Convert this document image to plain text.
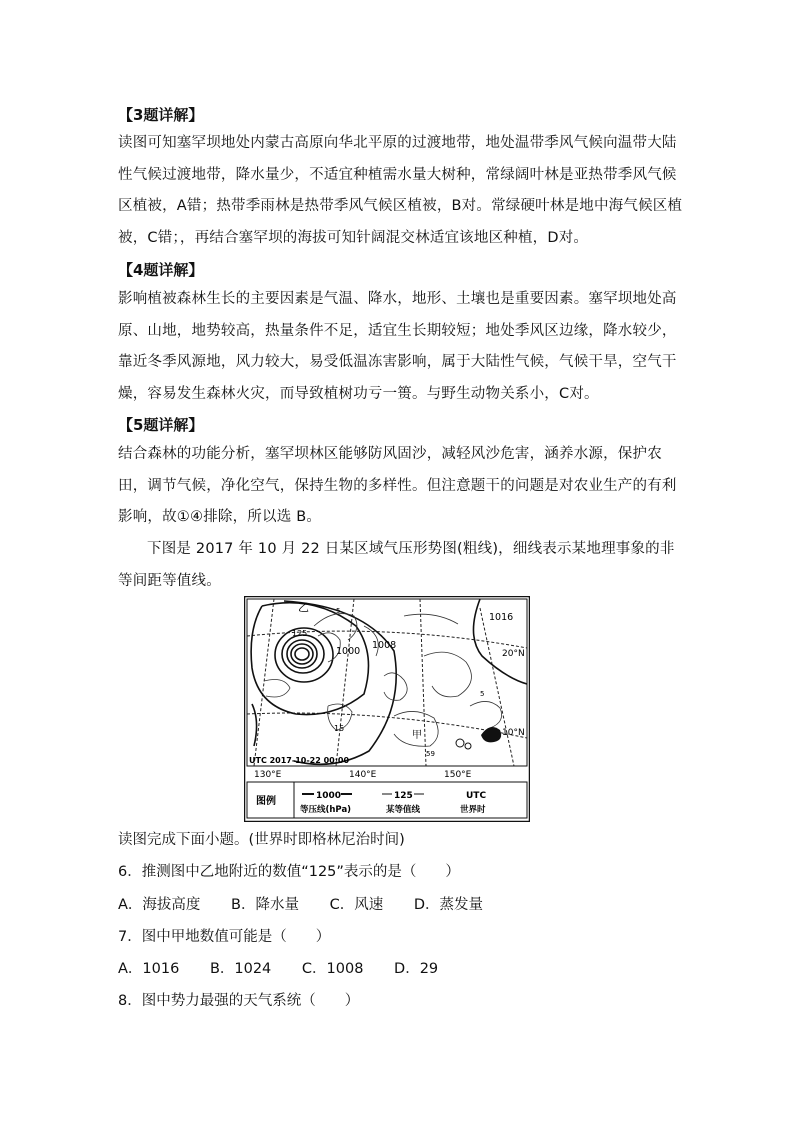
【3题详解】
读图可知塞罕坝地处内蒙古高原向华北平原的过渡地带，地处温带季风气候向温带大陆性气候过渡地带，降水量少，不适宜种植需水量大树种，常绿阔叶林是亚热带季风气候区植被，A错；热带季雨林是热带季风气候区植被，B对。常绿硬叶林是地中海气候区植被，C错；，再结合塞罕坝的海拔可知针阔混交林适宜该地区种植，D对。
【4题详解】
影响植被森林生长的主要因素是气温、降水，地形、土壤也是重要因素。塞罕坝地处高原、山地，地势较高，热量条件不足，适宜生长期较短；地处季风区边缘，降水较少，靠近冬季风源地，风力较大，易受低温冻害影响，属于大陆性气候，气候干旱，空气干燥，容易发生森林火灾，而导致植树功亏一篑。与野生动物关系小，C对。
【5题详解】
结合森林的功能分析，塞罕坝林区能够防风固沙，减轻风沙危害，涵养水源，保护农田，调节气候，净化空气，保持生物的多样性。但注意题干的问题是对农业生产的有利影响，故①④排除，所以选 B。
下图是 2017 年 10 月 22 日某区域气压形势图(粗线)，细线表示某地理事象的非等间距等值线。
乙
125
5
1000
1008
1016
20°N
10°N
5
15
甲
59
UTC 2017-10-22 00:00
130°E	140°E	150°E
图例	1000
等压线(hPa)
125
某等值线
UTC
世界时
读图完成下面小题。(世界时即格林尼治时间)
6．推测图中乙地附近的数值“125”表示的是（　　）
A．海拔高度 B．降水量 C．风速 D．蒸发量
7．图中甲地数值可能是（　　）
A．1016 B．1024 C．1008 D．29
8．图中势力最强的天气系统（　　）
